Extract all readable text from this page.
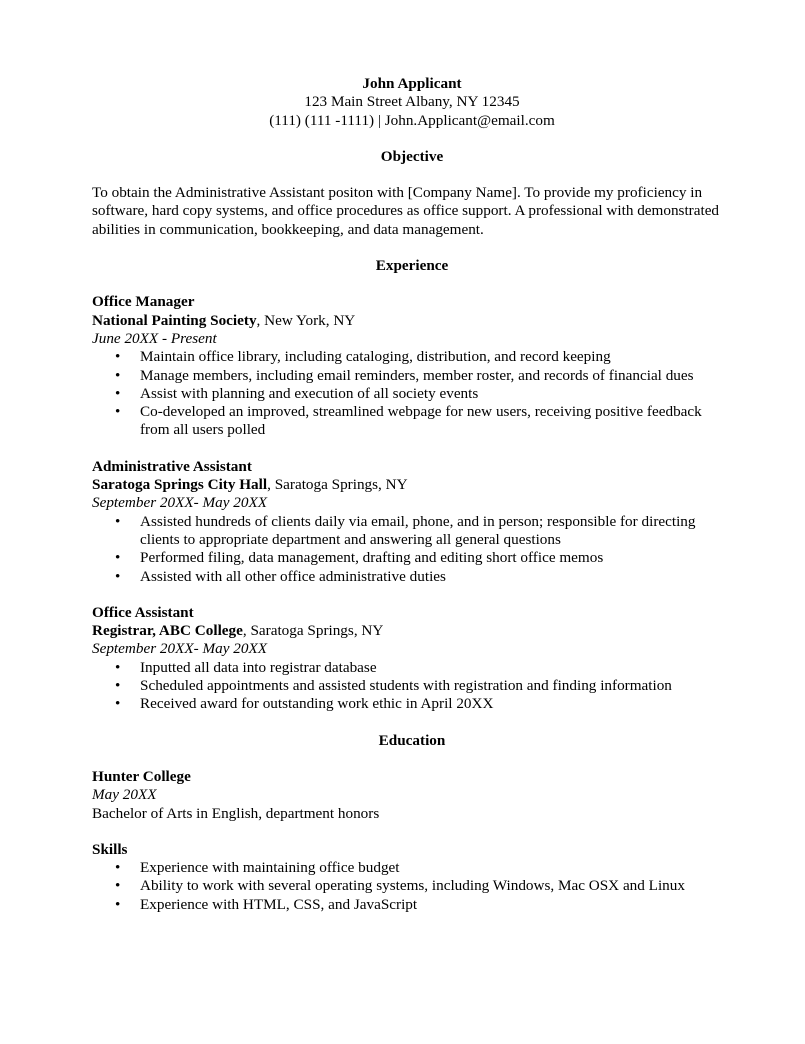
John Applicant
123 Main Street Albany, NY 12345
(111) (111 -1111) | John.Applicant@email.com
Objective

To obtain the Administrative Assistant positon with [Company Name]. To provide my proficiency in software, hard copy systems, and office procedures as office support. A professional with demonstrated abilities in communication, bookkeeping, and data management.

Experience
Office Manager
National Painting Society, New York, NY
June 20XX - Present
• Maintain office library, including cataloging, distribution, and record keeping
• Manage members, including email reminders, member roster, and records of financial dues
• Assist with planning and execution of all society events
• Co-developed an improved, streamlined webpage for new users, receiving positive feedback from all users polled
Administrative Assistant
Saratoga Springs City Hall, Saratoga Springs, NY
September 20XX- May 20XX
• Assisted hundreds of clients daily via email, phone, and in person; responsible for directing clients to appropriate department and answering all general questions
• Performed filing, data management, drafting and editing short office memos
• Assisted with all other office administrative duties
Office Assistant
Registrar, ABC College, Saratoga Springs, NY
September 20XX- May 20XX
• Inputted all data into registrar database
• Scheduled appointments and assisted students with registration and finding information
• Received award for outstanding work ethic in April 20XX
Education
Hunter College
May 20XX
Bachelor of Arts in English, department honors
Skills
• Experience with maintaining office budget
• Ability to work with several operating systems, including Windows, Mac OSX and Linux
• Experience with HTML, CSS, and JavaScript
